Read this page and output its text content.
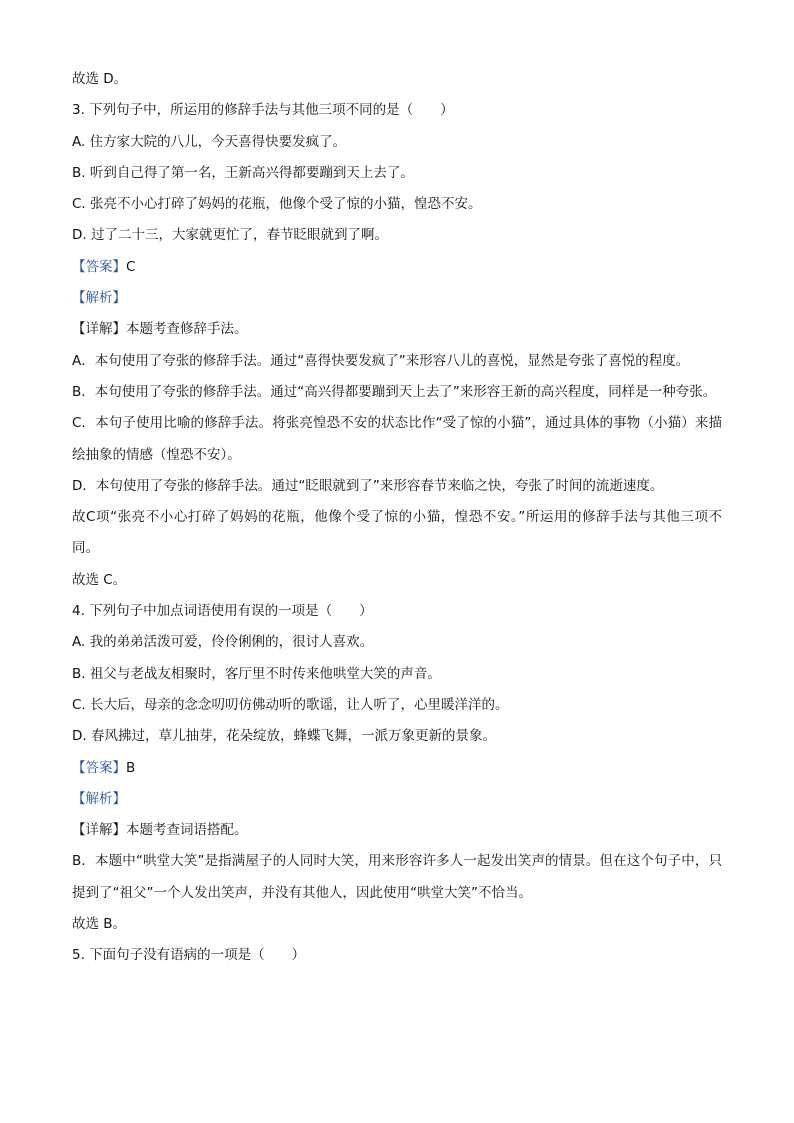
故选 D。

3. 下列句子中，所运用的修辞手法与其他三项不同的是（　　）

A. 住方家大院的八儿，今天喜得快要发疯了。

B. 听到自己得了第一名，王新高兴得都要蹦到天上去了。

C. 张亮不小心打碎了妈妈的花瓶，他像个受了惊的小猫，惶恐不安。

D. 过了二十三，大家就更忙了，春节眨眼就到了啊。

【答案】C

【解析】

【详解】本题考查修辞手法。

A．本句使用了夸张的修辞手法。通过“喜得快要发疯了”来形容八儿的喜悦，显然是夸张了喜悦的程度。

B．本句使用了夸张的修辞手法。通过“高兴得都要蹦到天上去了”来形容王新的高兴程度，同样是一种夸张。

C．本句子使用比喻的修辞手法。将张亮惶恐不安的状态比作“受了惊的小猫”，通过具体的事物（小猫）来描绘抽象的情感（惶恐不安）。

D．本句使用了夸张的修辞手法。通过“眨眼就到了”来形容春节来临之快，夸张了时间的流逝速度。

故C项“张亮不小心打碎了妈妈的花瓶，他像个受了惊的小猫，惶恐不安。”所运用的修辞手法与其他三项不同。

故选 C。

4. 下列句子中加点词语使用有误的一项是（　　）

A. 我的弟弟活泼可爱，伶伶俐俐的，很讨人喜欢。

B. 祖父与老战友相聚时，客厅里不时传来他哄堂大笑的声音。

C. 长大后，母亲的念念叨叨仿佛动听的歌谣，让人听了，心里暖洋洋的。

D. 春风拂过，草儿抽芽，花朵绽放，蜂蝶飞舞，一派万象更新的景象。

【答案】B

【解析】

【详解】本题考查词语搭配。

B．本题中“哄堂大笑”是指满屋子的人同时大笑，用来形容许多人一起发出笑声的情景。但在这个句子中，只提到了“祖父”一个人发出笑声，并没有其他人，因此使用“哄堂大笑”不恰当。

故选 B。

5. 下面句子没有语病的一项是（　　）
